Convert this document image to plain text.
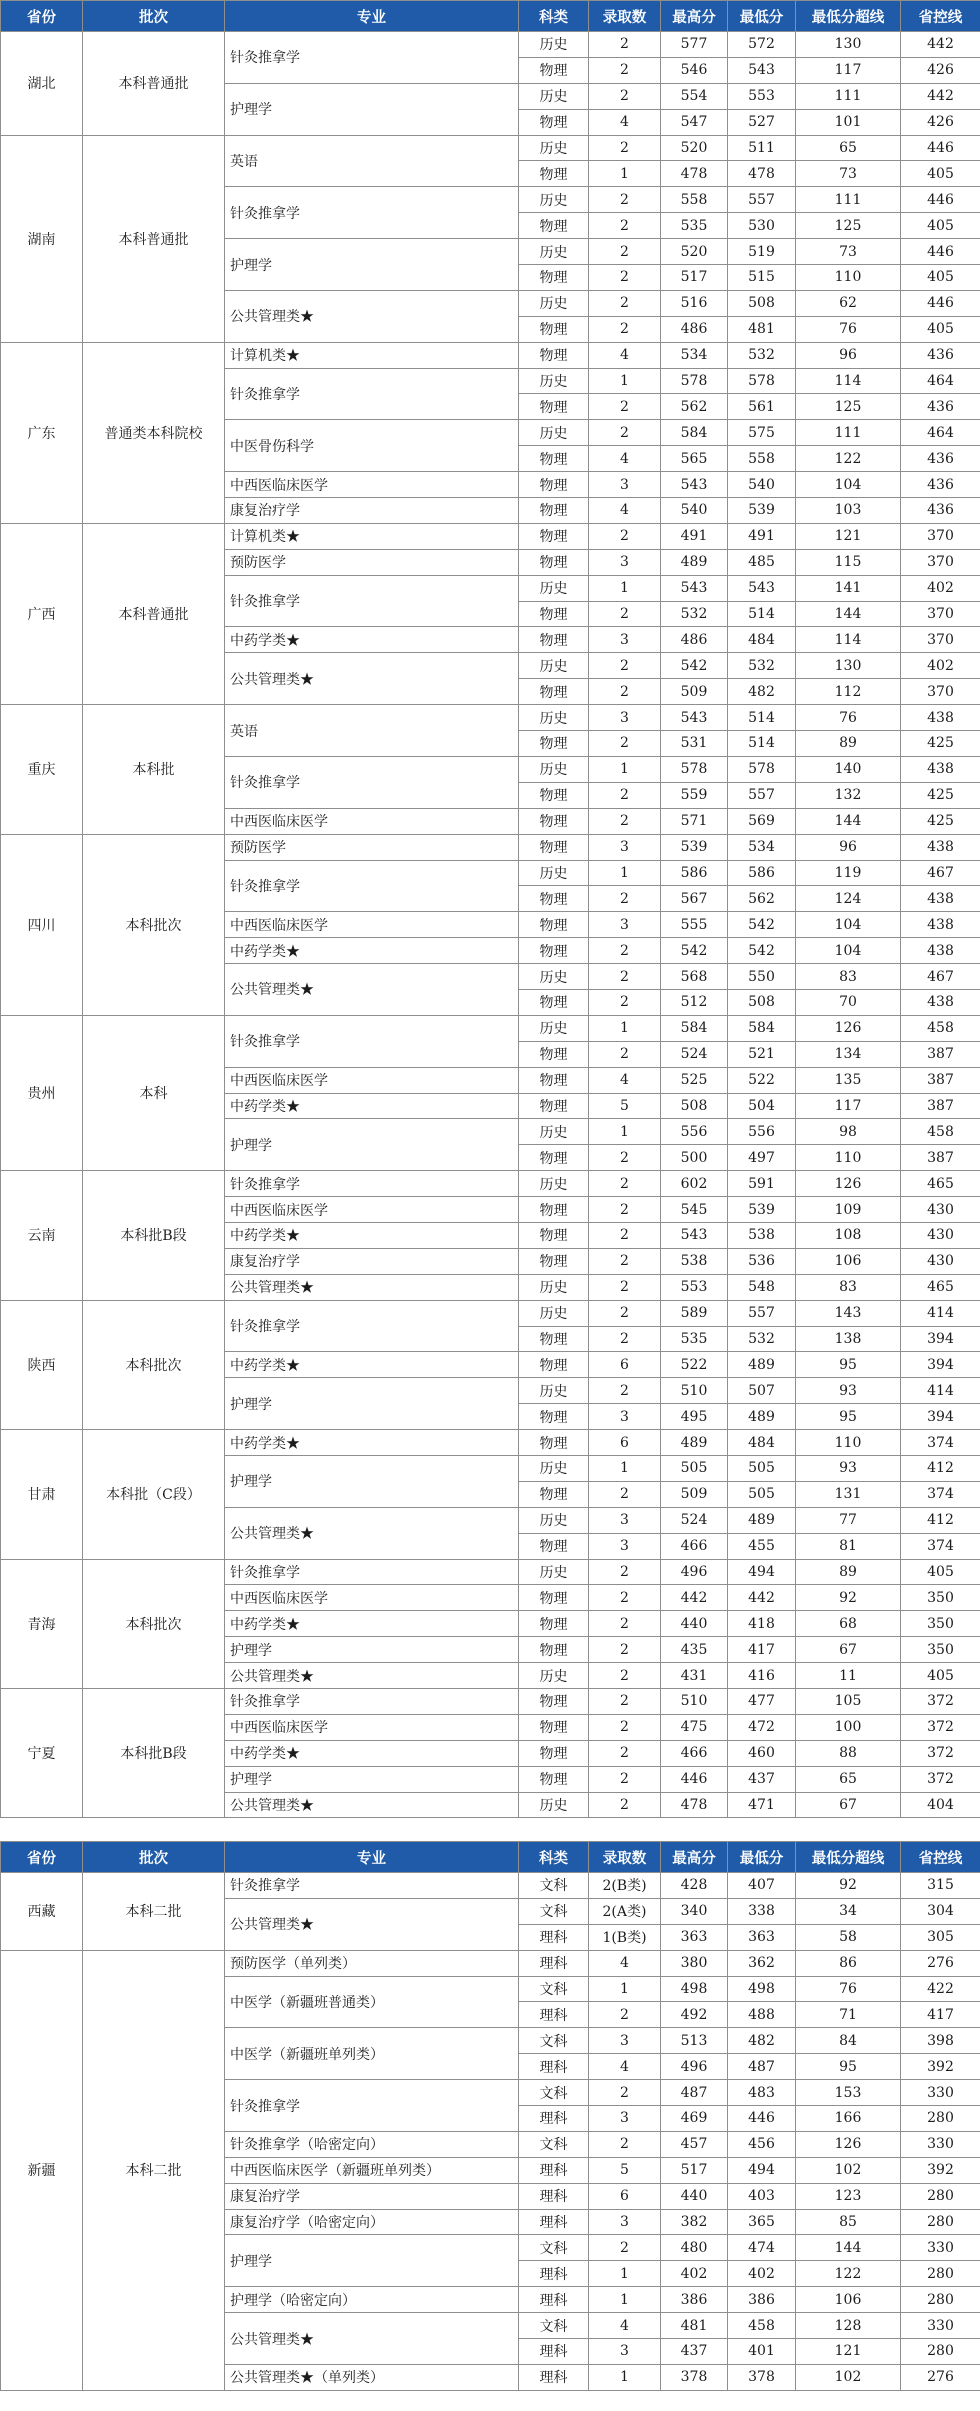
省份	批次	专业	科类	录取数	最高分	最低分	最低分超线	省控线
湖北	本科普通批	针灸推拿学	历史	2	577	572	130	442
			物理	2	546	543	117	426
		护理学	历史	2	554	553	111	442
			物理	4	547	527	101	426
湖南	本科普通批	英语	历史	2	520	511	65	446
			物理	1	478	478	73	405
		针灸推拿学	历史	2	558	557	111	446
			物理	2	535	530	125	405
		护理学	历史	2	520	519	73	446
			物理	2	517	515	110	405
		公共管理类★	历史	2	516	508	62	446
			物理	2	486	481	76	405
广东	普通类本科院校	计算机类★	物理	4	534	532	96	436
		针灸推拿学	历史	1	578	578	114	464
			物理	2	562	561	125	436
		中医骨伤科学	历史	2	584	575	111	464
			物理	4	565	558	122	436
		中西医临床医学	物理	3	543	540	104	436
		康复治疗学	物理	4	540	539	103	436
广西	本科普通批	计算机类★	物理	2	491	491	121	370
		预防医学	物理	3	489	485	115	370
		针灸推拿学	历史	1	543	543	141	402
			物理	2	532	514	144	370
		中药学类★	物理	3	486	484	114	370
		公共管理类★	历史	2	542	532	130	402
			物理	2	509	482	112	370
重庆	本科批	英语	历史	3	543	514	76	438
			物理	2	531	514	89	425
		针灸推拿学	历史	1	578	578	140	438
			物理	2	559	557	132	425
		中西医临床医学	物理	2	571	569	144	425
四川	本科批次	预防医学	物理	3	539	534	96	438
		针灸推拿学	历史	1	586	586	119	467
			物理	2	567	562	124	438
		中西医临床医学	物理	3	555	542	104	438
		中药学类★	物理	2	542	542	104	438
		公共管理类★	历史	2	568	550	83	467
			物理	2	512	508	70	438
贵州	本科	针灸推拿学	历史	1	584	584	126	458
			物理	2	524	521	134	387
		中西医临床医学	物理	4	525	522	135	387
		中药学类★	物理	5	508	504	117	387
		护理学	历史	1	556	556	98	458
			物理	2	500	497	110	387
云南	本科批B段	针灸推拿学	历史	2	602	591	126	465
		中西医临床医学	物理	2	545	539	109	430
		中药学类★	物理	2	543	538	108	430
		康复治疗学	物理	2	538	536	106	430
		公共管理类★	历史	2	553	548	83	465
陕西	本科批次	针灸推拿学	历史	2	589	557	143	414
			物理	2	535	532	138	394
		中药学类★	物理	6	522	489	95	394
		护理学	历史	2	510	507	93	414
			物理	3	495	489	95	394
甘肃	本科批（C段）	中药学类★	物理	6	489	484	110	374
		护理学	历史	1	505	505	93	412
			物理	2	509	505	131	374
		公共管理类★	历史	3	524	489	77	412
			物理	3	466	455	81	374
青海	本科批次	针灸推拿学	历史	2	496	494	89	405
		中西医临床医学	物理	2	442	442	92	350
		中药学类★	物理	2	440	418	68	350
		护理学	物理	2	435	417	67	350
		公共管理类★	历史	2	431	416	11	405
宁夏	本科批B段	针灸推拿学	物理	2	510	477	105	372
		中西医临床医学	物理	2	475	472	100	372
		中药学类★	物理	2	466	460	88	372
		护理学	物理	2	446	437	65	372
		公共管理类★	历史	2	478	471	67	404
省份	批次	专业	科类	录取数	最高分	最低分	最低分超线	省控线
西藏	本科二批	针灸推拿学	文科	2(B类)	428	407	92	315
		公共管理类★	文科	2(A类)	340	338	34	304
			理科	1(B类)	363	363	58	305
新疆	本科二批	预防医学（单列类）	理科	4	380	362	86	276
		中医学（新疆班普通类）	文科	1	498	498	76	422
			理科	2	492	488	71	417
		中医学（新疆班单列类）	文科	3	513	482	84	398
			理科	4	496	487	95	392
		针灸推拿学	文科	2	487	483	153	330
			理科	3	469	446	166	280
		针灸推拿学（哈密定向）	文科	2	457	456	126	330
		中西医临床医学（新疆班单列类）	理科	5	517	494	102	392
		康复治疗学	理科	6	440	403	123	280
		康复治疗学（哈密定向）	理科	3	382	365	85	280
		护理学	文科	2	480	474	144	330
			理科	1	402	402	122	280
		护理学（哈密定向）	理科	1	386	386	106	280
		公共管理类★	文科	4	481	458	128	330
			理科	3	437	401	121	280
		公共管理类★（单列类）	理科	1	378	378	102	276
